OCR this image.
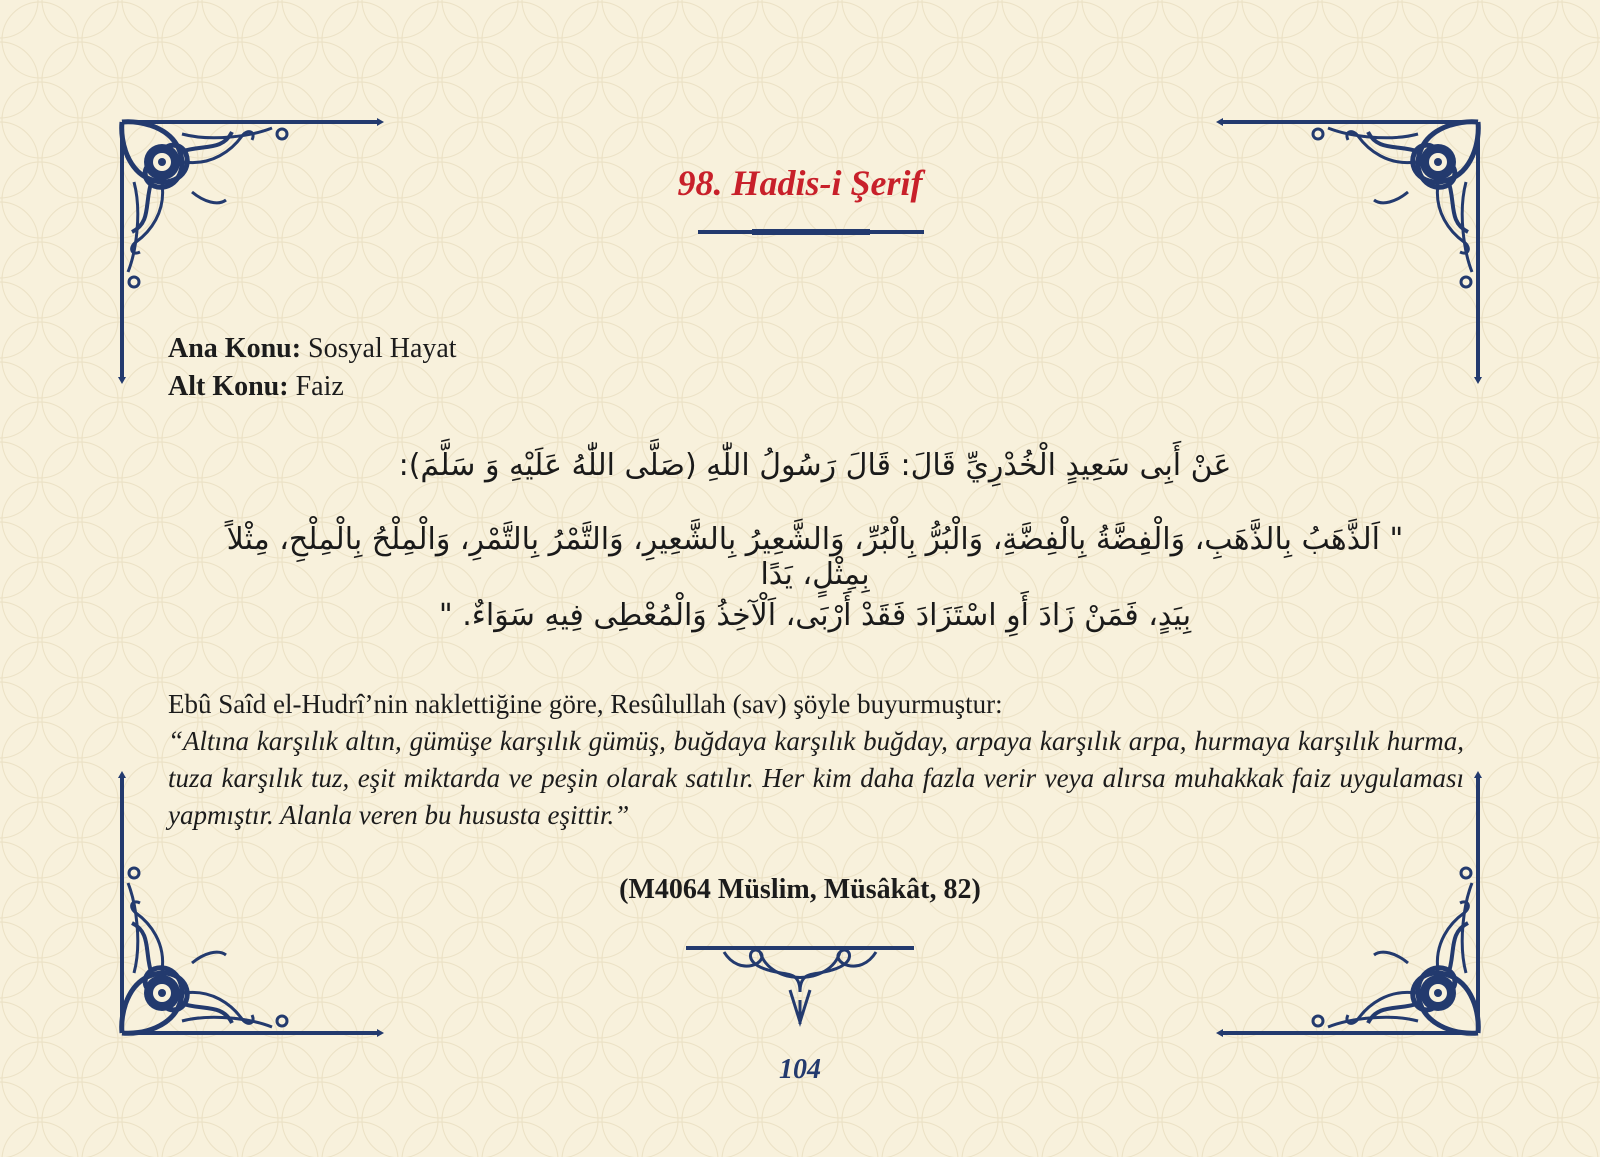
98. Hadis-i Şerif
Ana Konu: Sosyal Hayat
Alt Konu: Faiz
عَنْ أَبِى سَعِيدٍ الْخُدْرِيِّ قَالَ: قَالَ رَسُولُ اللّٰهِ (صَلَّى اللّٰهُ عَلَيْهِ وَ سَلَّمَ):
" اَلذَّهَبُ بِالذَّهَبِ، وَالْفِضَّةُ بِالْفِضَّةِ، وَالْبُرُّ بِالْبُرِّ، وَالشَّعِيرُ بِالشَّعِيرِ، وَالتَّمْرُ بِالتَّمْرِ، وَالْمِلْحُ بِالْمِلْحِ، مِثْلاً بِمِثْلٍ، يَدًا
بِيَدٍ، فَمَنْ زَادَ أَوِ اسْتَزَادَ فَقَدْ أَرْبَى، اَلْآخِذُ وَالْمُعْطِى فِيهِ سَوَاءٌ. "
Ebû Saîd el-Hudrî’nin naklettiğine göre, Resûlullah (sav) şöyle buyurmuştur:
“Altına karşılık altın, gümüşe karşılık gümüş, buğdaya karşılık buğday, arpaya karşılık arpa, hurmaya karşılık hurma, tuza karşılık tuz, eşit miktarda ve peşin olarak satılır. Her kim daha fazla verir veya alırsa muhakkak faiz uygulaması yapmıştır. Alanla veren bu hususta eşittir.”
(M4064 Müslim, Müsâkât, 82)
104
